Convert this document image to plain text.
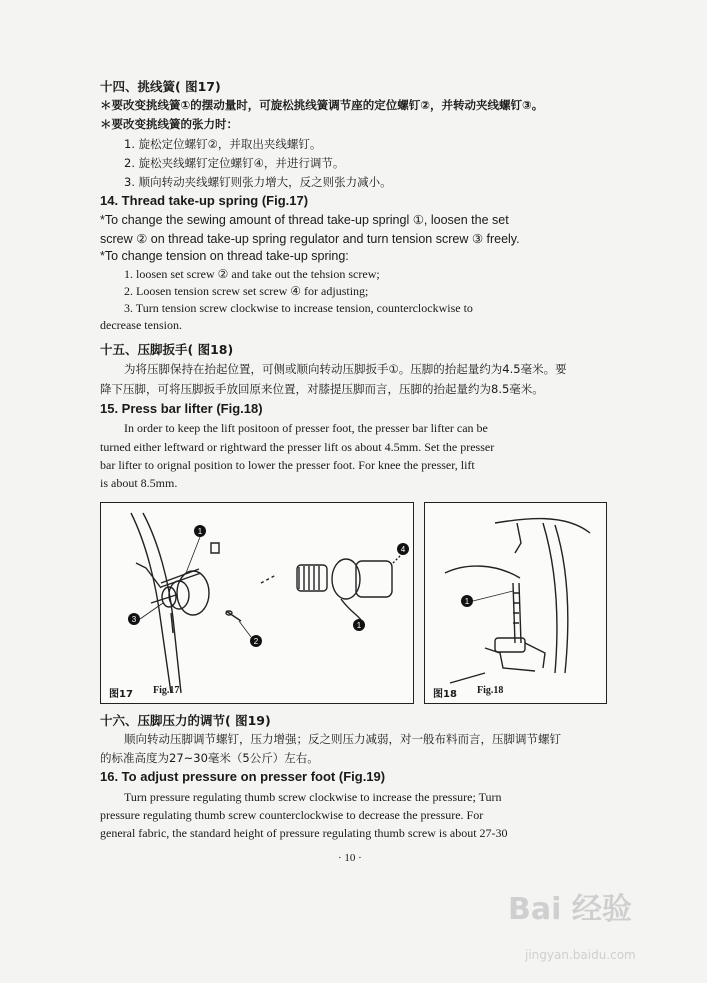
十四、挑线簧( 图17)
＊要改变挑线簧①的摆动量时，可旋松挑线簧调节座的定位螺钉②，并转动夹线螺钉③。
＊要改变挑线簧的张力时：
1. 旋松定位螺钉②，并取出夹线螺钉。
2. 旋松夹线螺钉定位螺钉④，并进行调节。
3. 顺向转动夹线螺钉则张力增大，反之则张力减小。
14. Thread take-up spring (Fig.17)
*To change the sewing amount of thread take-up springl ①, loosen the set
screw ② on thread take-up spring regulator and turn tension screw ③ freely.
*To change tension on thread take-up spring:
1. loosen set screw ② and take out the tehsion screw;
2. Loosen tension screw set screw ④ for adjusting;
3. Turn tension screw clockwise to increase tension, counterclockwise to
decrease tension.
十五、压脚扳手( 图18)
为将压脚保持在抬起位置，可侧或顺向转动压脚扳手①。压脚的抬起量约为4.5毫米。要
降下压脚，可将压脚扳手放回原来位置，对膝提压脚而言，压脚的抬起量约为8.5毫米。
15. Press bar lifter (Fig.18)
In order to keep the lift positoon of presser foot, the presser bar lifter can be
turned either leftward or rightward the presser lift os about 4.5mm. Set the presser
bar lifter to orignal position to lower the presser foot. For knee the presser, lift
is about 8.5mm.
1
2
3
4
1
图17 Fig.17
1
图18 Fig.18
十六、压脚压力的调节( 图19)
顺向转动压脚调节螺钉，压力增强；反之则压力减弱，对一般布料而言，压脚调节螺钉
的标准高度为27~30毫米（5公斤）左右。
16. To adjust pressure on presser foot (Fig.19)
Turn pressure regulating thumb screw clockwise to increase the pressure; Turn
pressure regulating thumb screw counterclockwise to decrease the pressure. For
general fabric, the standard height of pressure regulating thumb screw is about 27-30
· 10 ·
Bai 经验
jingyan.baidu.com
